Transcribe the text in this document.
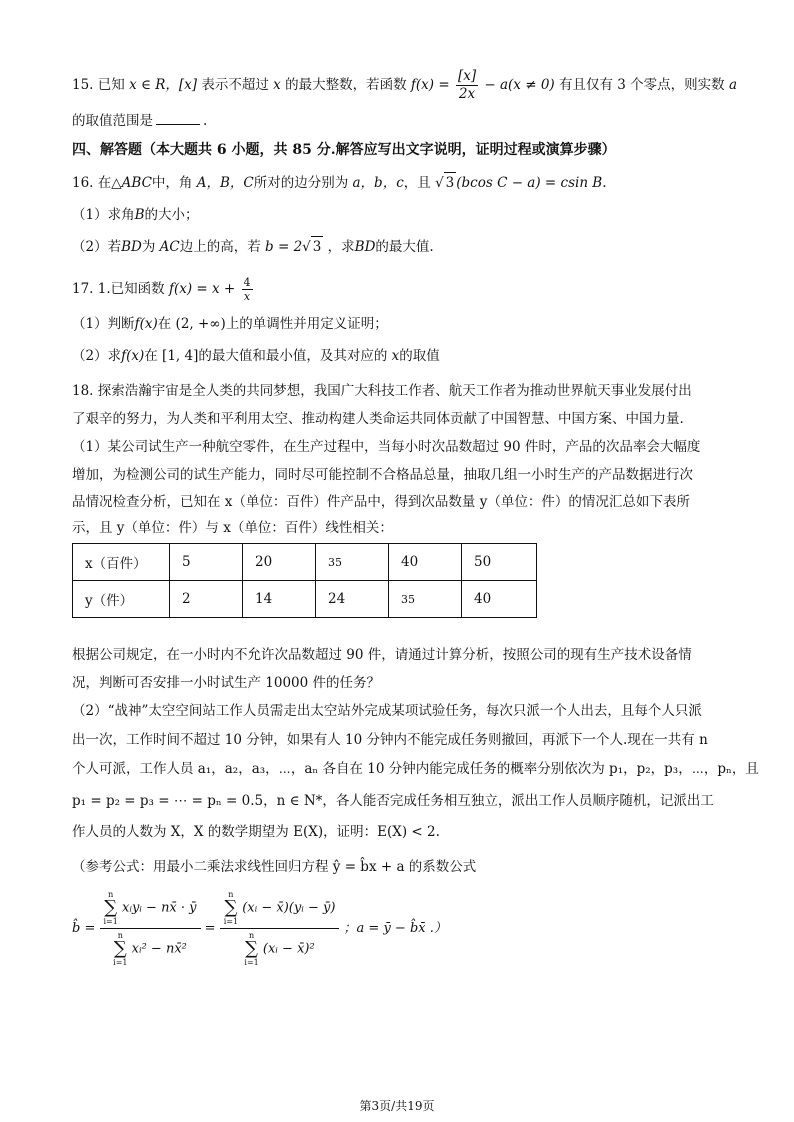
15. 已知 x ∈ R，[x] 表示不超过 x 的最大整数，若函数 $f(x) = \frac{[x]}{2x} - a(x \ne 0)$ 有且仅有 3 个零点，则实数 a
的取值范围是	.
四、解答题（本大题共 6 小题，共 85 分.解答应写出文字说明，证明过程或演算步骤）
16. 在△ABC中，角 A，B，C所对的边分别为 a，b，c，且 √ 3 (bcos C − a) = csin B.
（1）求角B的大小；
（2）若BD为 AC边上的高，若 b = 2√ 3 ，求BD的最大值.
17. 1.已知函数 $f(x) = x + \frac{4}{x}$
（1）判断f(x)在 (2, +∞)上的单调性并用定义证明；
（2）求f(x)在 [1, 4]的最大值和最小值，及其对应的 x的取值
18. 探索浩瀚宇宙是全人类的共同梦想，我国广大科技工作者、航天工作者为推动世界航天事业发展付出
了艰辛的努力，为人类和平利用太空、推动构建人类命运共同体贡献了中国智慧、中国方案、中国力量.
（1）某公司试生产一种航空零件，在生产过程中，当每小时次品数超过 90 件时，产品的次品率会大幅度
增加，为检测公司的试生产能力，同时尽可能控制不合格品总量，抽取几组一小时生产的产品数据进行次
品情况检查分析，已知在 x（单位：百件）件产品中，得到次品数量 y（单位：件）的情况汇总如下表所
示，且 y（单位：件）与 x（单位：百件）线性相关：
x（百件）	5	20	35	40	50
y（件）	2	14	24	35	40
根据公司规定，在一小时内不允许次品数超过 90 件，请通过计算分析，按照公司的现有生产技术设备情
况，判断可否安排一小时试生产 10000 件的任务？
（2）“战神”太空空间站工作人员需走出太空站外完成某项试验任务，每次只派一个人出去，且每个人只派
出一次，工作时间不超过 10 分钟，如果有人 10 分钟内不能完成任务则撤回，再派下一个人.现在一共有 n
个人可派，工作人员 a₁，a₂，a₃，⋯，aₙ 各自在 10 分钟内能完成任务的概率分别依次为 p₁，p₂，p₃，⋯，pₙ，且
p₁ = p₂ = p₃ = ⋯ = pₙ = 0.5，n ∈ N*，各人能否完成任务相互独立，派出工作人员顺序随机，记派出工
作人员的人数为 X，X 的数学期望为 E(X)，证明：E(X) < 2.
（参考公式：用最小二乘法求线性回归方程 ŷ = b̂x + a 的系数公式
b̂ = n
∑
i=1
xᵢyᵢ − nx̄ · ȳ
n
∑
i=1
xᵢ² − nx̄² = n
∑
i=1
(xᵢ − x̄)(yᵢ − ȳ)
n
∑
i=1
(xᵢ − x̄)² ；a = ȳ − b̂x̄ .）
第3页/共19页
